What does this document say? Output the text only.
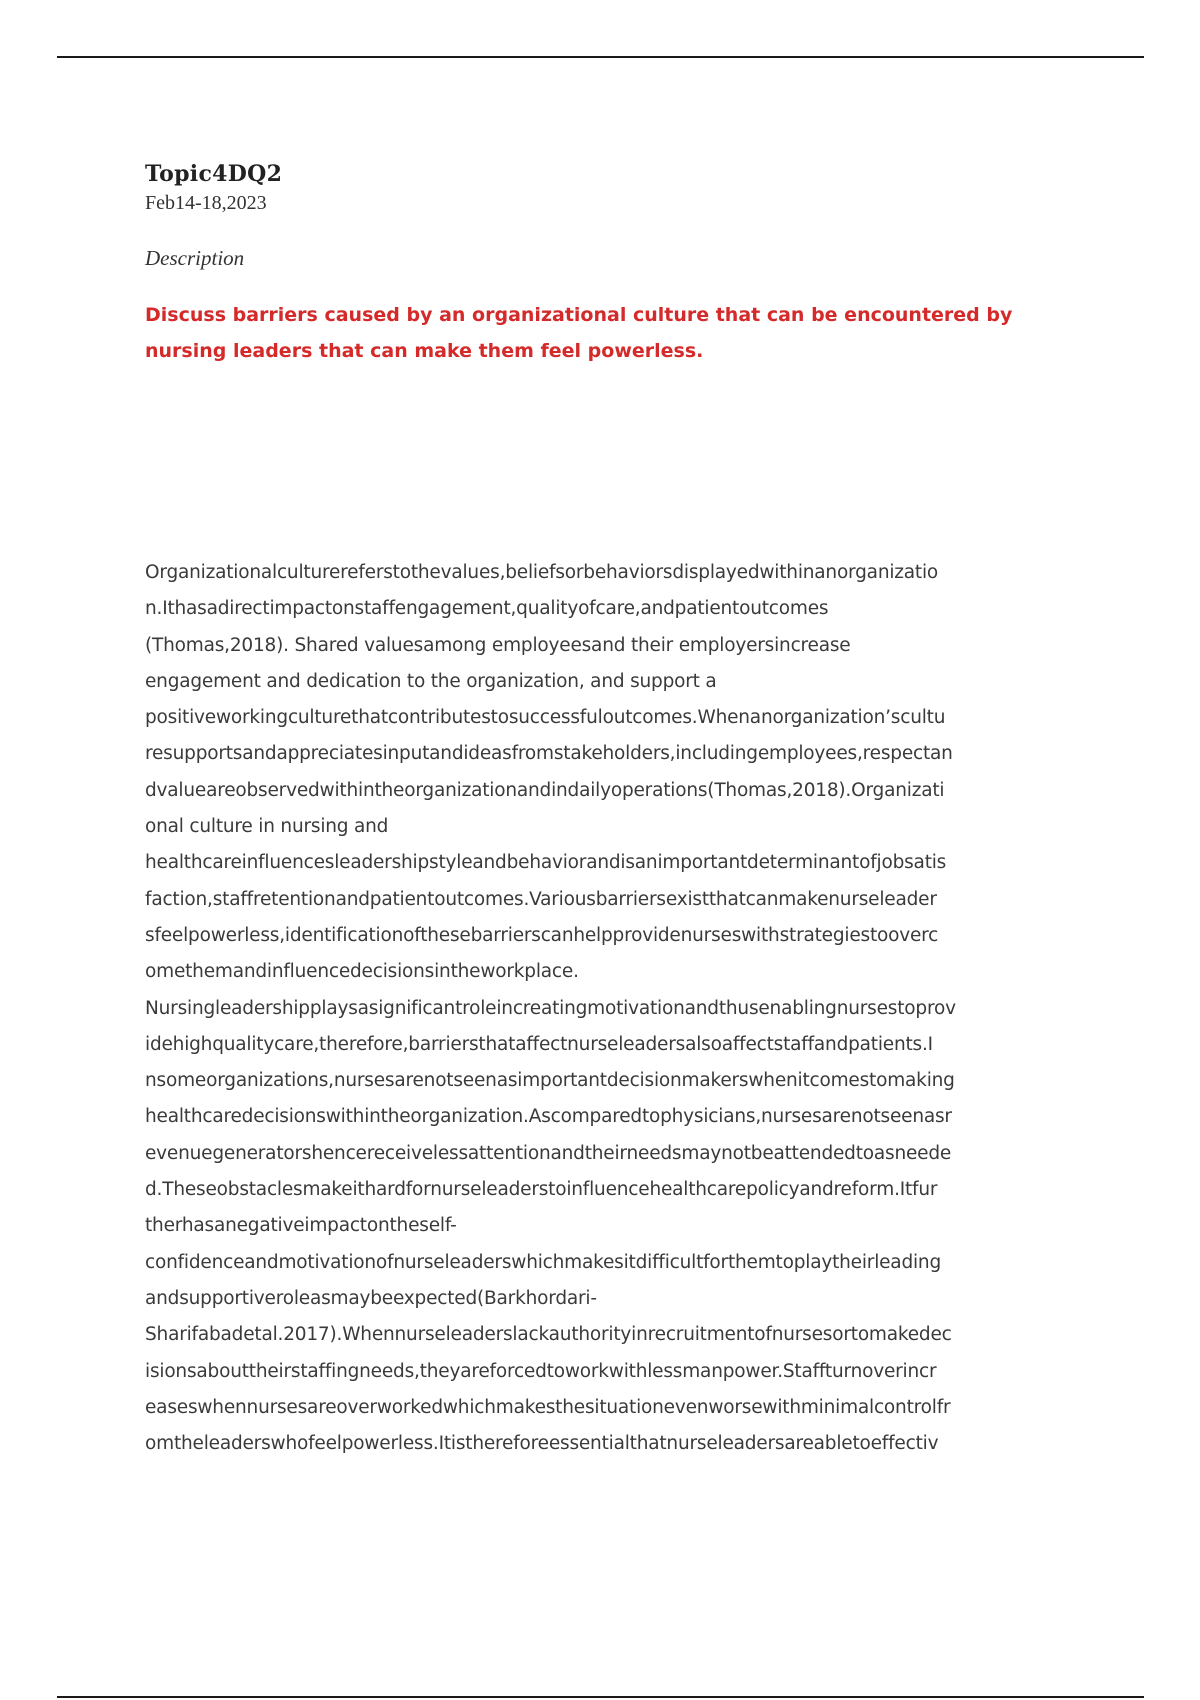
Topic4DQ2
Feb14-18,2023
Description
Discuss barriers caused by an organizational culture that can be encountered by nursing leaders that can make them feel powerless.
Organizationalculturereferstothevalues,beliefsorbehaviorsdisplayedwithinanorganizatio
n.Ithasadirectimpactonstaffengagement,qualityofcare,andpatientoutcomes
(Thomas,2018). Shared valuesamong employeesand their employersincrease
engagement and dedication to the organization, and support a
positiveworkingculturethatcontributestosuccessfuloutcomes.Whenanorganization’scultu
resupportsandappreciatesinputandideasfromstakeholders,includingemployees,respectan
dvalueareobservedwithintheorganizationandindailyoperations(Thomas,2018).Organizati
onal culture in nursing and
healthcareinfluencesleadershipstyleandbehaviorandisanimportantdeterminantofjobsatis
faction,staffretentionandpatientoutcomes.Variousbarriersexistthatcanmakenurseleader
sfeelpowerless,identificationofthesebarrierscanhelpprovidenurseswithstrategiestooverc
omethemandinfluencedecisionsintheworkplace.
Nursingleadershipplaysasignificantroleincreatingmotivationandthusenablingnursestoprov
idehighqualitycare,therefore,barriersthataffectnurseleadersalsoaffectstaffandpatients.I
nsomeorganizations,nursesarenotseenasimportantdecisionmakerswhenitcomestomaking
healthcaredecisionswithintheorganization.Ascomparedtophysicians,nursesarenotseenasr
evenuegeneratorshencereceivelessattentionandtheirneedsmaynotbeattendedtoasneede
d.Theseobstaclesmakeithardfornurseleaderstoinfluencehealthcarepolicyandreform.Itfur
therhasanegativeimpactontheself-
confidenceandmotivationofnurseleaderswhichmakesitdifficultforthemtoplaytheirleading
andsupportiveroleasmaybeexpected(Barkhordari-
Sharifabadetal.2017).Whennurseleaderslackauthorityinrecruitmentofnursesortomakedec
isionsabouttheirstaffingneeds,theyareforcedtoworkwithlessmanpower.Staffturnoverincr
easeswhennursesareoverworkedwhichmakesthesituationevenworsewithminimalcontrolfr
omtheleaderswhofeelpowerless.Itisthereforeessentialthatnurseleadersareabletoeffectiv
